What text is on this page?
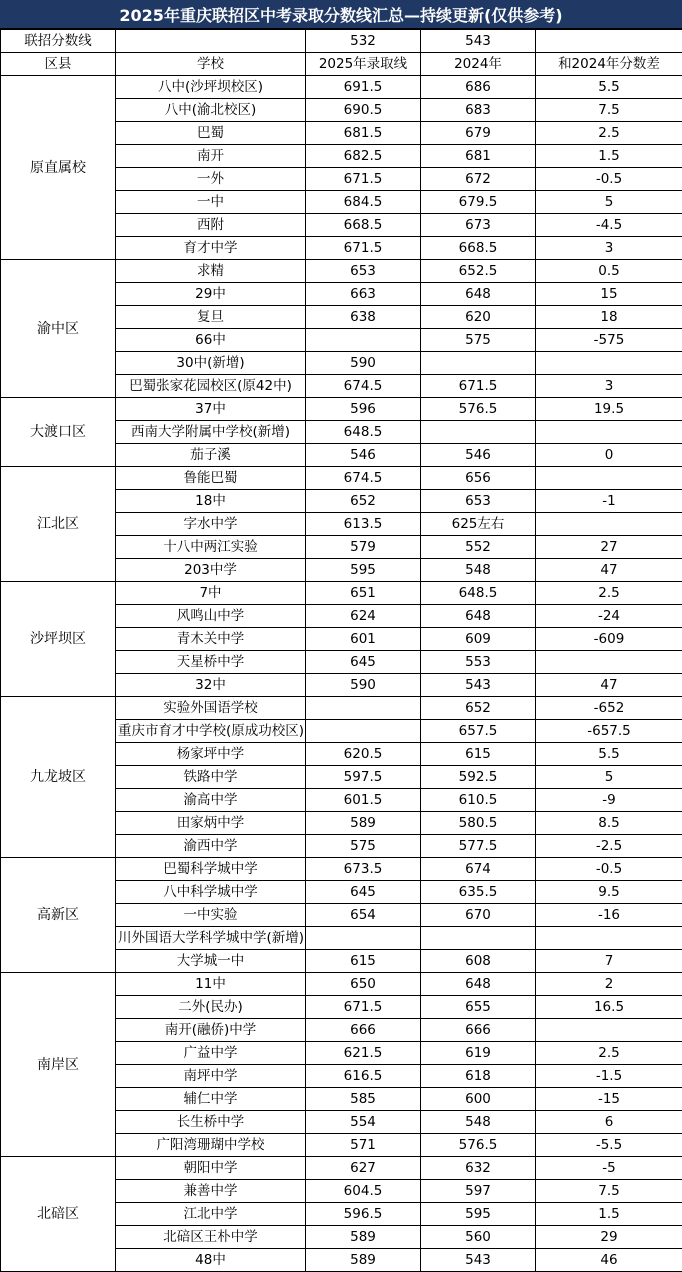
2025年重庆联招区中考录取分数线汇总—持续更新(仅供参考)
联招分数线		532	543	
区县	学校	2025年录取线	2024年	和2024年分数差
原直属校	八中(沙坪坝校区)	691.5	686	5.5
	八中(渝北校区)	690.5	683	7.5
	巴蜀	681.5	679	2.5
	南开	682.5	681	1.5
	一外	671.5	672	-0.5
	一中	684.5	679.5	5
	西附	668.5	673	-4.5
	育才中学	671.5	668.5	3
渝中区	求精	653	652.5	0.5
	29中	663	648	15
	复旦	638	620	18
	66中		575	-575
	30中(新增)	590		
	巴蜀张家花园校区(原42中)	674.5	671.5	3
大渡口区	37中	596	576.5	19.5
	西南大学附属中学校(新增)	648.5		
	茄子溪	546	546	0
江北区	鲁能巴蜀	674.5	656	
	18中	652	653	-1
	字水中学	613.5	625左右	
	十八中两江实验	579	552	27
	203中学	595	548	47
沙坪坝区	7中	651	648.5	2.5
	风鸣山中学	624	648	-24
	青木关中学	601	609	-609
	天星桥中学	645	553	
	32中	590	543	47
九龙坡区	实验外国语学校		652	-652
	重庆市育才中学校(原成功校区)		657.5	-657.5
	杨家坪中学	620.5	615	5.5
	铁路中学	597.5	592.5	5
	渝高中学	601.5	610.5	-9
	田家炳中学	589	580.5	8.5
	渝西中学	575	577.5	-2.5
高新区	巴蜀科学城中学	673.5	674	-0.5
	八中科学城中学	645	635.5	9.5
	一中实验	654	670	-16
	川外国语大学科学城中学(新增)			
	大学城一中	615	608	7
南岸区	11中	650	648	2
	二外(民办)	671.5	655	16.5
	南开(融侨)中学	666	666	
	广益中学	621.5	619	2.5
	南坪中学	616.5	618	-1.5
	辅仁中学	585	600	-15
	长生桥中学	554	548	6
	广阳湾珊瑚中学校	571	576.5	-5.5
北碚区	朝阳中学	627	632	-5
	兼善中学	604.5	597	7.5
	江北中学	596.5	595	1.5
	北碚区王朴中学	589	560	29
	48中	589	543	46
